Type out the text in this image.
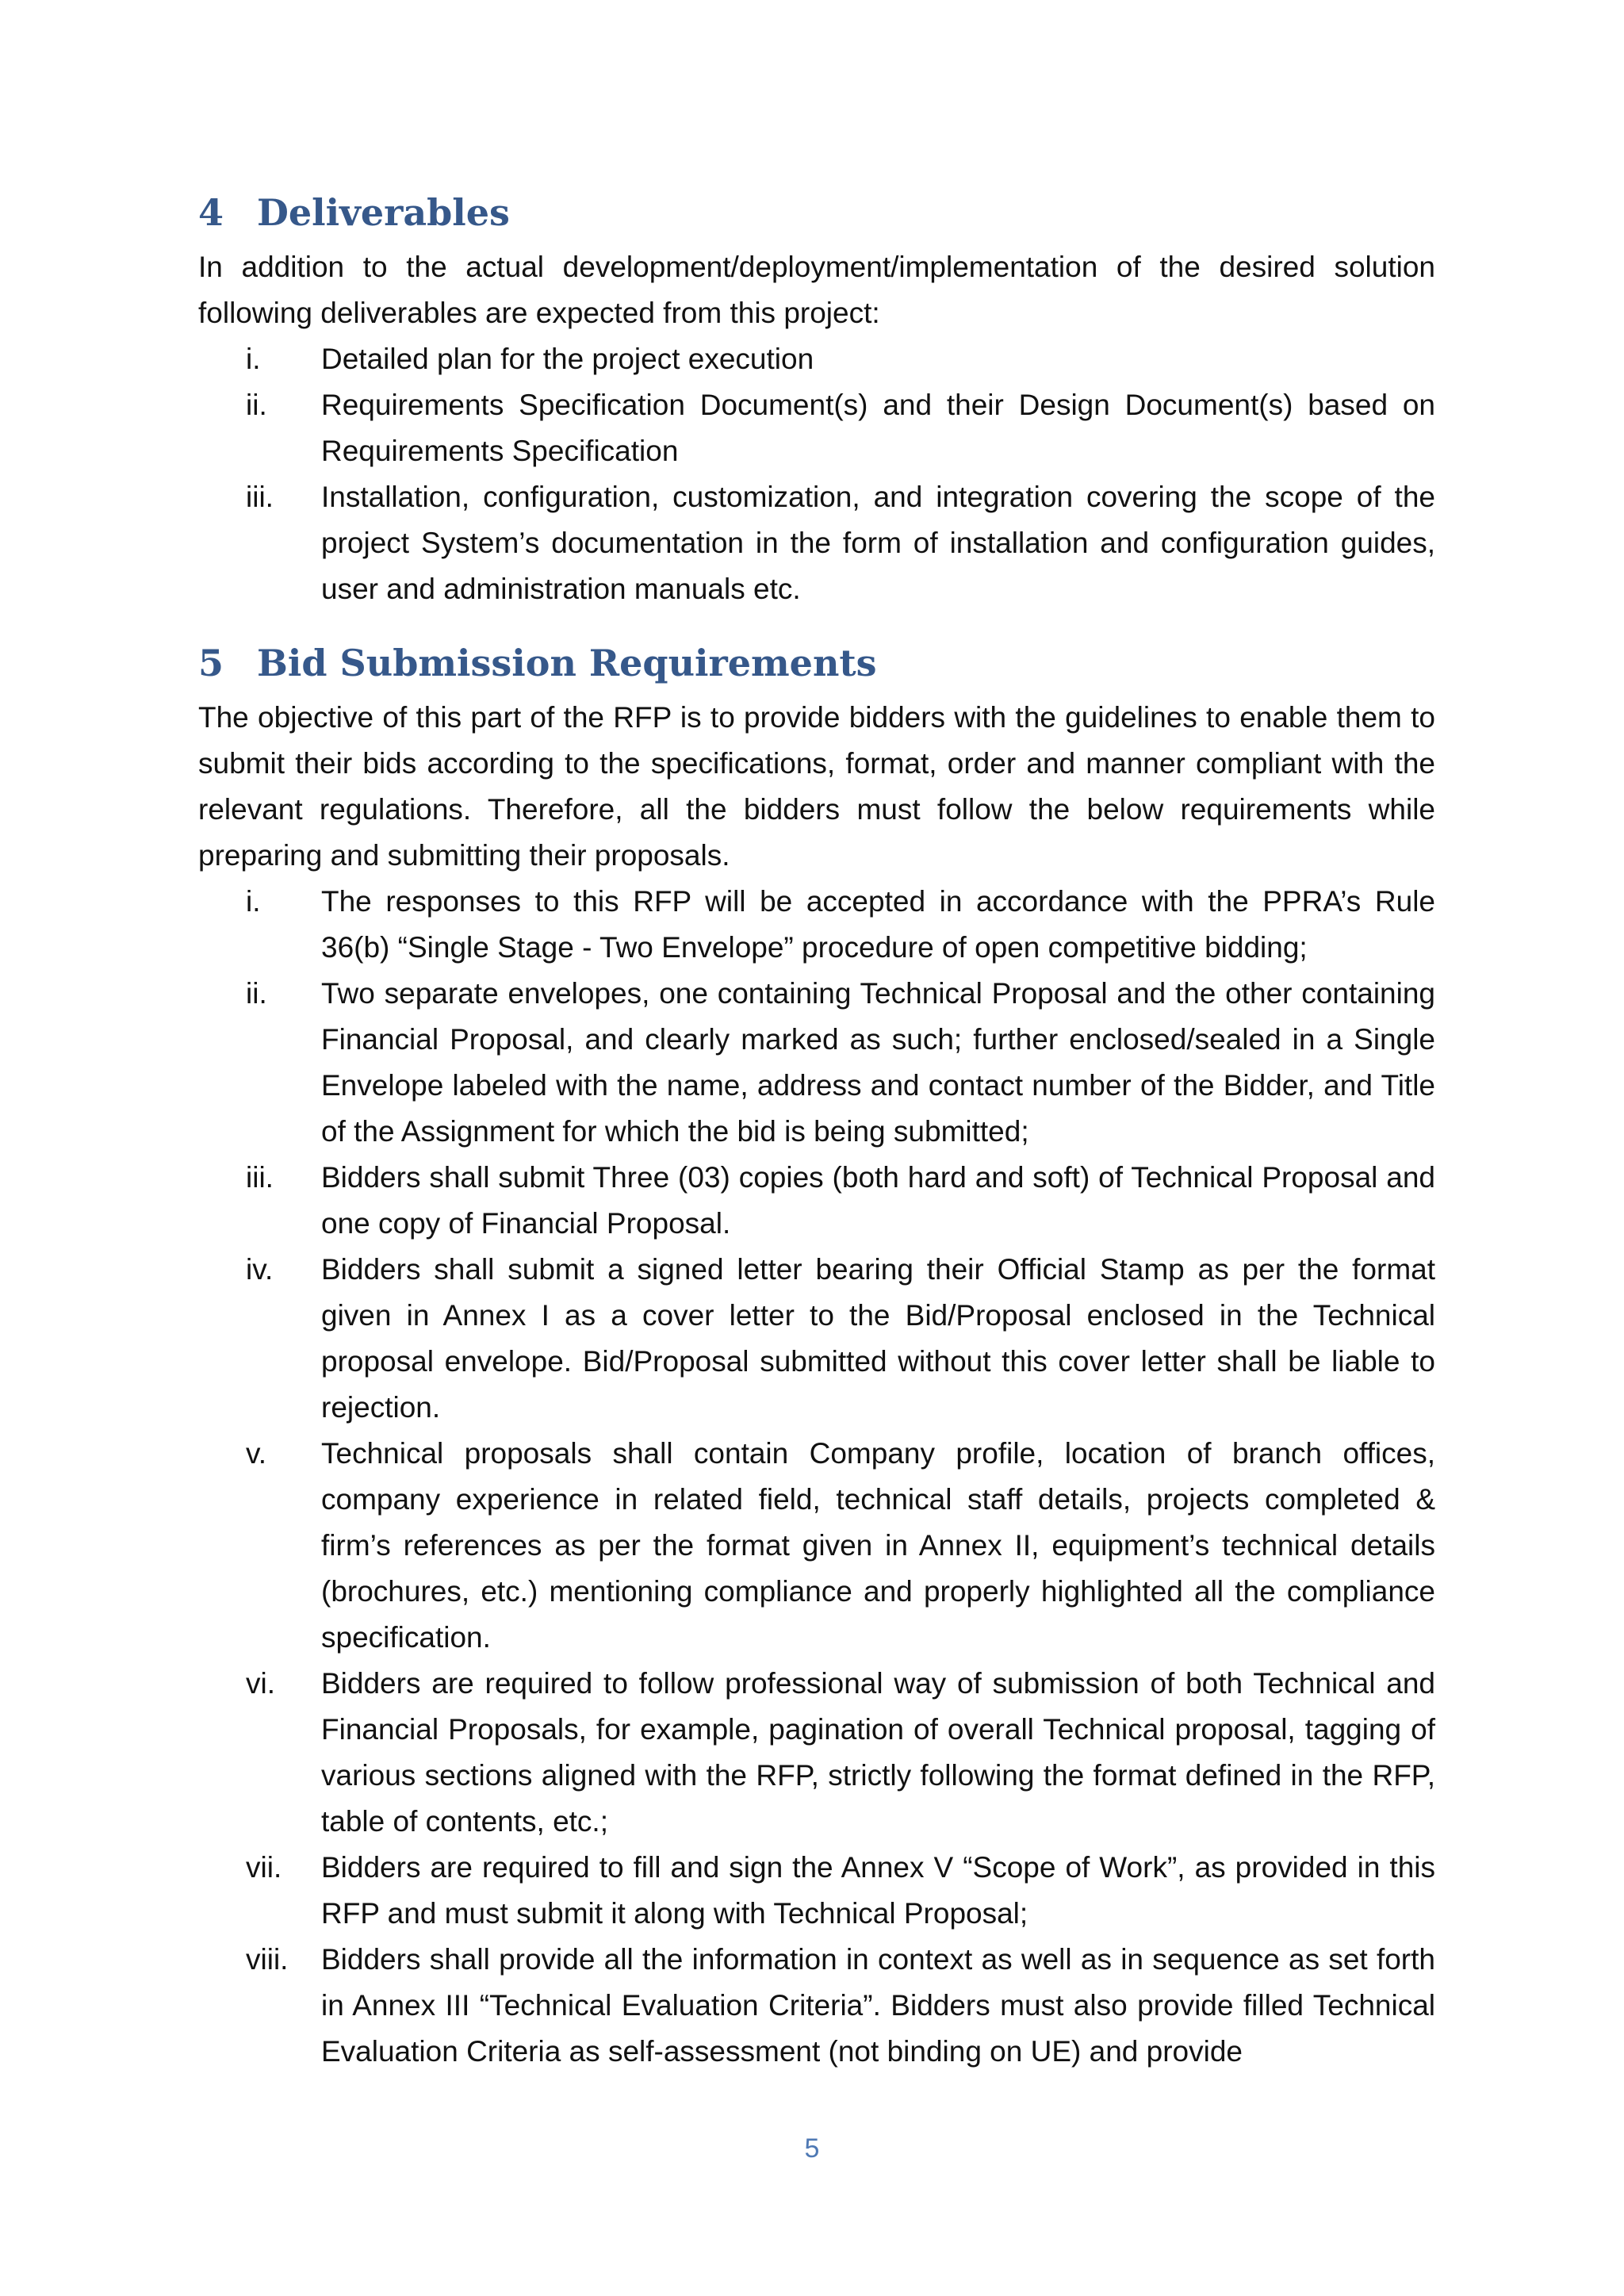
4 Deliverables

In addition to the actual development/deployment/implementation of the desired solution following deliverables are expected from this project:

i.	Detailed plan for the project execution
ii.	Requirements Specification Document(s) and their Design Document(s) based on Requirements Specification
iii.	Installation, configuration, customization, and integration covering the scope of the project System’s documentation in the form of installation and configuration guides, user and administration manuals etc.
5 Bid Submission Requirements

The objective of this part of the RFP is to provide bidders with the guidelines to enable them to submit their bids according to the specifications, format, order and manner compliant with the relevant regulations. Therefore, all the bidders must follow the below requirements while preparing and submitting their proposals.

i.	The responses to this RFP will be accepted in accordance with the PPRA’s Rule 36(b) “Single Stage - Two Envelope” procedure of open competitive bidding;
ii.	Two separate envelopes, one containing Technical Proposal and the other containing Financial Proposal, and clearly marked as such; further enclosed/sealed in a Single Envelope labeled with the name, address and contact number of the Bidder, and Title of the Assignment for which the bid is being submitted;
iii.	Bidders shall submit Three (03) copies (both hard and soft) of Technical Proposal and one copy of Financial Proposal.
iv.	Bidders shall submit a signed letter bearing their Official Stamp as per the format given in Annex I as a cover letter to the Bid/Proposal enclosed in the Technical proposal envelope. Bid/Proposal submitted without this cover letter shall be liable to rejection.
v.	Technical proposals shall contain Company profile, location of branch offices, company experience in related field, technical staff details, projects completed & firm’s references as per the format given in Annex II, equipment’s technical details (brochures, etc.) mentioning compliance and properly highlighted all the compliance specification.
vi.	Bidders are required to follow professional way of submission of both Technical and Financial Proposals, for example, pagination of overall Technical proposal, tagging of various sections aligned with the RFP, strictly following the format defined in the RFP, table of contents, etc.;
vii.	Bidders are required to fill and sign the Annex V “Scope of Work”, as provided in this RFP and must submit it along with Technical Proposal;
viii.	Bidders shall provide all the information in context as well as in sequence as set forth in Annex III “Technical Evaluation Criteria”. Bidders must also provide filled Technical Evaluation Criteria as self-assessment (not binding on UE) and provide
5
